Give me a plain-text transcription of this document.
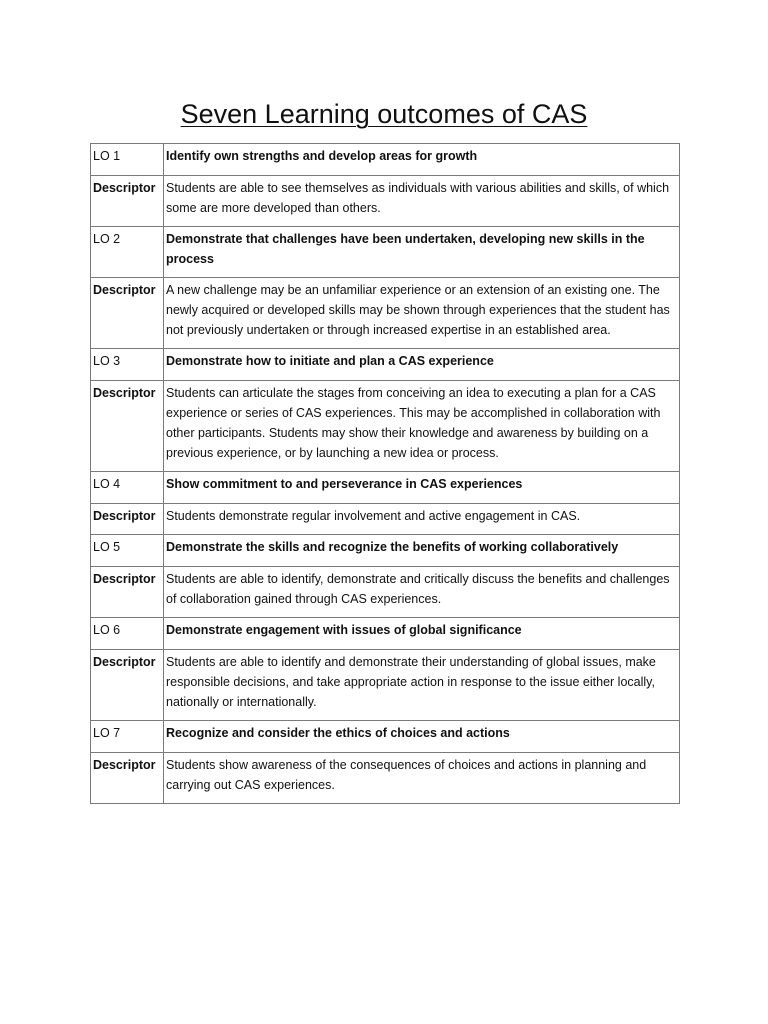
Seven Learning outcomes of CAS
LO 1	Identify own strengths and develop areas for growth
Descriptor	Students are able to see themselves as individuals with various abilities and skills, of which some are more developed than others.
LO 2	Demonstrate that challenges have been undertaken, developing new skills in the process
Descriptor	A new challenge may be an unfamiliar experience or an extension of an existing one. The newly acquired or developed skills may be shown through experiences that the student has not previously undertaken or through increased expertise in an established area.
LO 3	Demonstrate how to initiate and plan a CAS experience
Descriptor	Students can articulate the stages from conceiving an idea to executing a plan for a CAS experience or series of CAS experiences. This may be accomplished in collaboration with other participants. Students may show their knowledge and awareness by building on a previous experience, or by launching a new idea or process.
LO 4	Show commitment to and perseverance in CAS experiences
Descriptor	Students demonstrate regular involvement and active engagement in CAS.
LO 5	Demonstrate the skills and recognize the benefits of working collaboratively
Descriptor	Students are able to identify, demonstrate and critically discuss the benefits and challenges of collaboration gained through CAS experiences.
LO 6	Demonstrate engagement with issues of global significance
Descriptor	Students are able to identify and demonstrate their understanding of global issues, make responsible decisions, and take appropriate action in response to the issue either locally, nationally or internationally.
LO 7	Recognize and consider the ethics of choices and actions
Descriptor	Students show awareness of the consequences of choices and actions in planning and carrying out CAS experiences.
